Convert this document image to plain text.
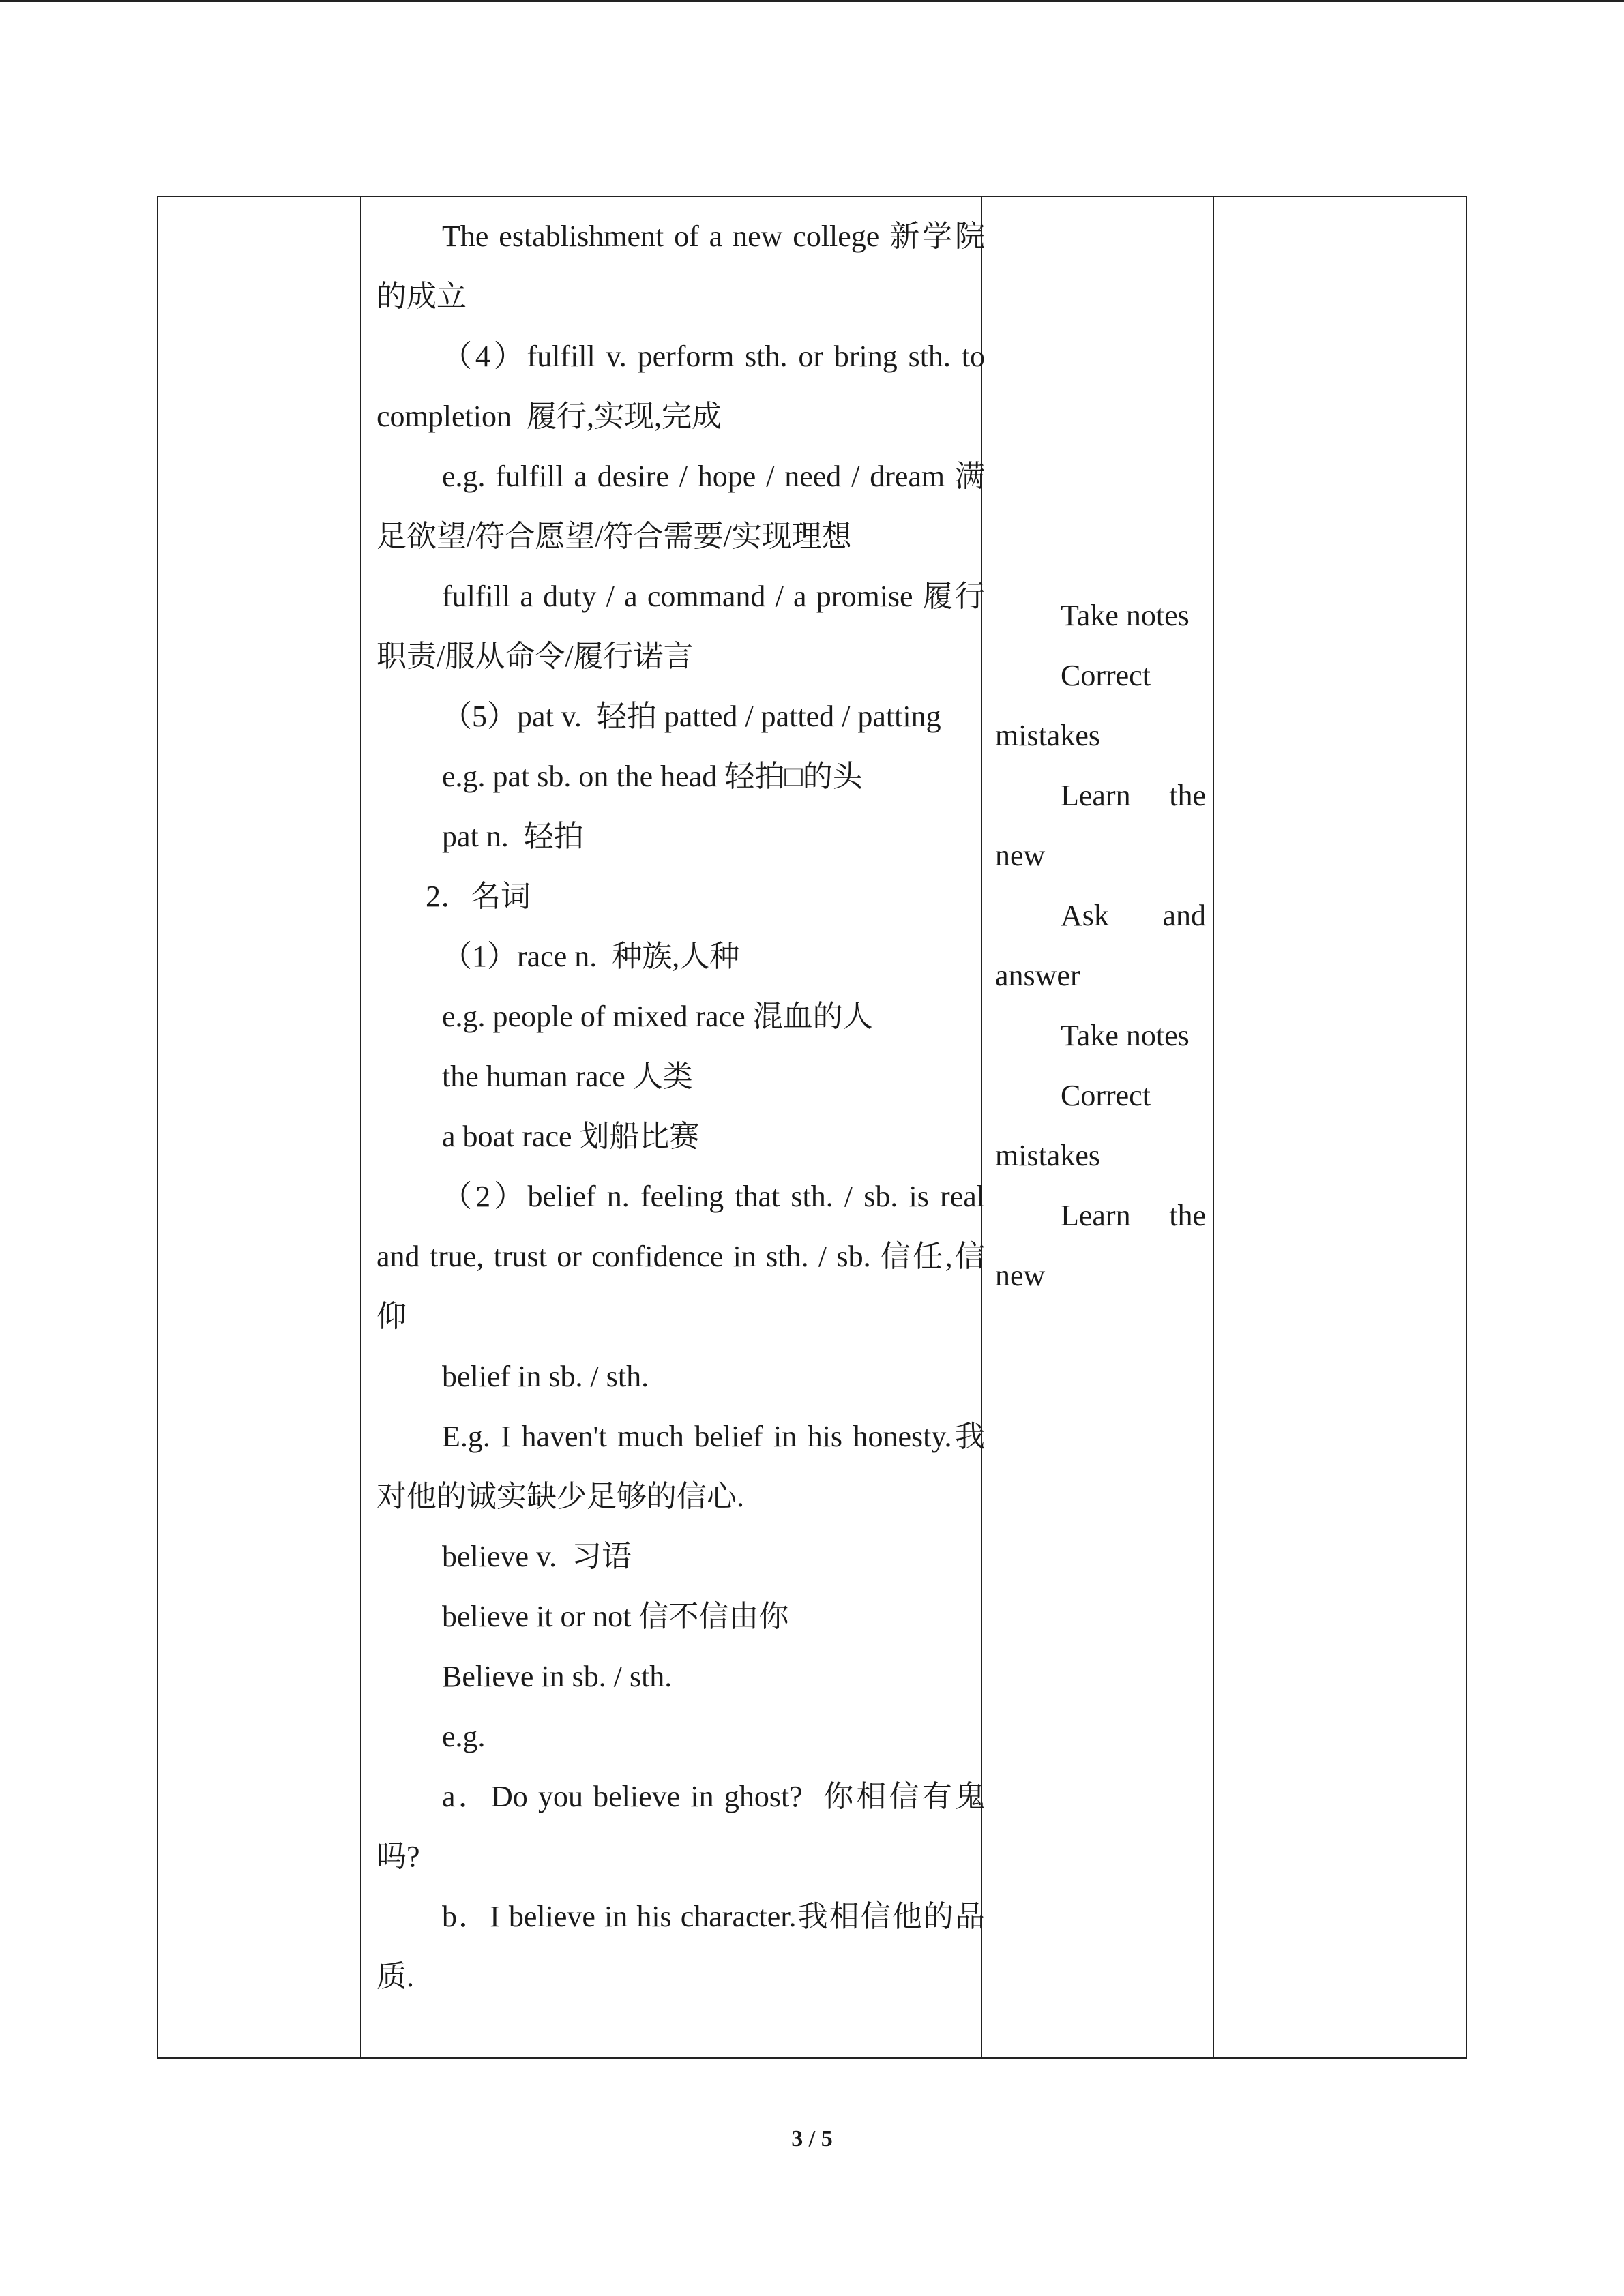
The establishment of a new college 新学院的成立

（4）fulfill v. perform sth. or bring sth. to completion  履行,实现,完成

e.g. fulfill a desire / hope / need / dream 满足欲望/符合愿望/符合需要/实现理想

fulfill a duty / a command / a promise 履行职责/服从命令/履行诺言

（5）pat v.  轻拍 patted / patted / patting

e.g. pat sb. on the head 轻拍□的头

pat n.  轻拍

2．名词

（1）race n.  种族,人种

e.g. people of mixed race 混血的人

the human race 人类

a boat race 划船比赛

（2）belief n. feeling that sth. / sb. is real and true, trust or confidence in sth. / sb. 信任,信仰

belief in sb. / sth.

E.g. I haven't much belief in his honesty.我对他的诚实缺少足够的信心.

believe v.  习语

believe it or not 信不信由你

Believe in sb. / sth.

e.g.

a．Do you believe in ghost?  你相信有鬼吗?

b．I believe in his character.我相信他的品质.

Take notes

Correct mistakes

Learn the new

Ask and answer

Take notes

Correct mistakes

Learn the new

3 / 5
